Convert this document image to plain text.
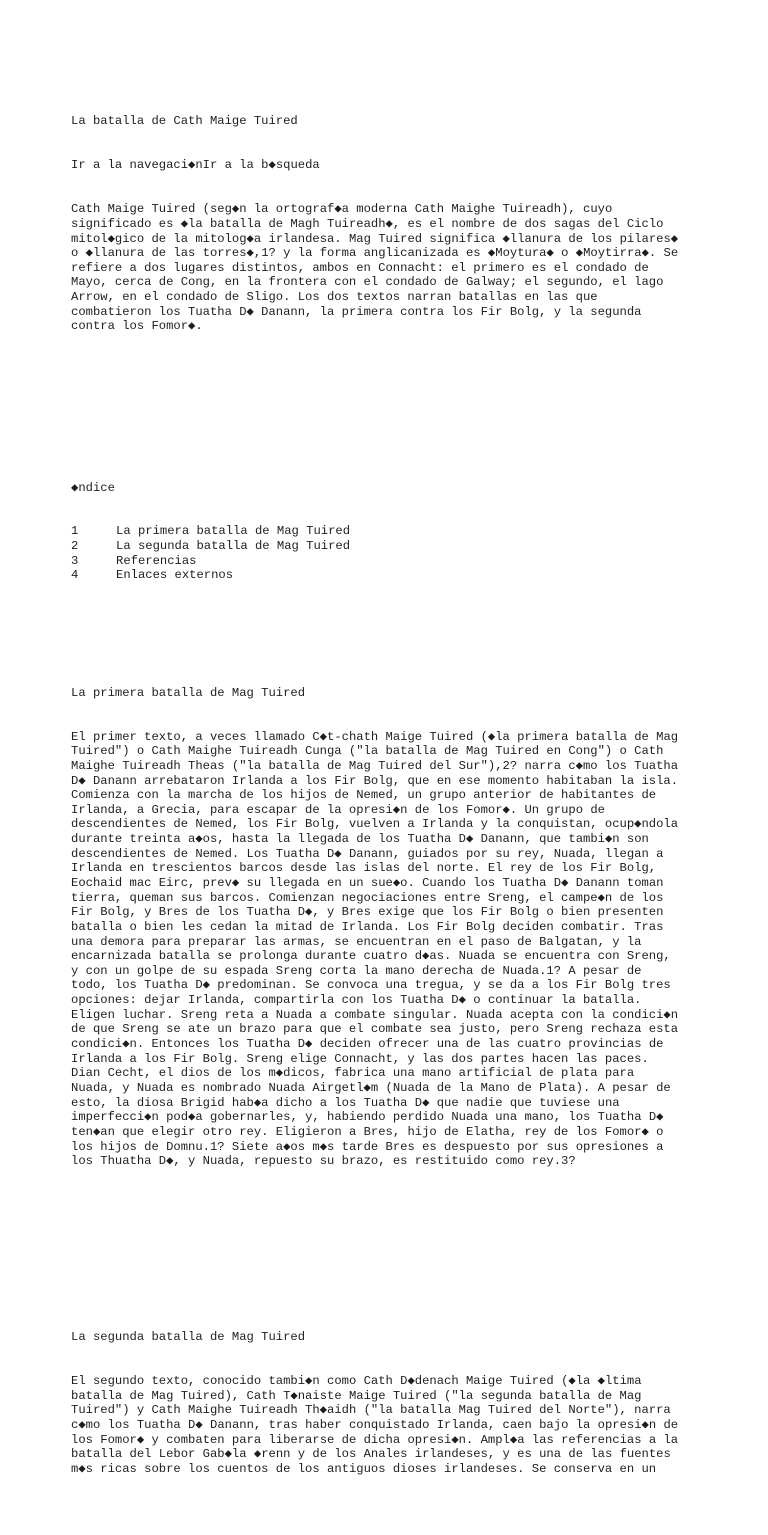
La batalla de Cath Maige Tuired

Ir a la navegaci◆nIr a la b◆squeda

Cath Maige Tuired (seg◆n la ortograf◆a moderna Cath Maighe Tuireadh), cuyo
significado es ◆la batalla de Magh Tuireadh◆, es el nombre de dos sagas del Ciclo
mitol◆gico de la mitolog◆a irlandesa. Mag Tuired significa ◆llanura de los pilares◆
o ◆llanura de las torres◆,1? y la forma anglicanizada es ◆Moytura◆ o ◆Moytirra◆. Se
refiere a dos lugares distintos, ambos en Connacht: el primero es el condado de
Mayo, cerca de Cong, en la frontera con el condado de Galway; el segundo, el lago
Arrow, en el condado de Sligo. Los dos textos narran batallas en las que
combatieron los Tuatha D◆ Danann, la primera contra los Fir Bolg, y la segunda
contra los Fomor◆.

◆ndice

1	La primera batalla de Mag Tuired
2	La segunda batalla de Mag Tuired
3	Referencias
4	Enlaces externos

La primera batalla de Mag Tuired

El primer texto, a veces llamado C◆t-chath Maige Tuired (◆la primera batalla de Mag
Tuired") o Cath Maighe Tuireadh Cunga ("la batalla de Mag Tuired en Cong") o Cath
Maighe Tuireadh Theas ("la batalla de Mag Tuired del Sur"),2? narra c◆mo los Tuatha
D◆ Danann arrebataron Irlanda a los Fir Bolg, que en ese momento habitaban la isla.
Comienza con la marcha de los hijos de Nemed, un grupo anterior de habitantes de
Irlanda, a Grecia, para escapar de la opresi◆n de los Fomor◆. Un grupo de
descendientes de Nemed, los Fir Bolg, vuelven a Irlanda y la conquistan, ocup◆ndola
durante treinta a◆os, hasta la llegada de los Tuatha D◆ Danann, que tambi◆n son
descendientes de Nemed. Los Tuatha D◆ Danann, guiados por su rey, Nuada, llegan a
Irlanda en trescientos barcos desde las islas del norte. El rey de los Fir Bolg,
Eochaid mac Eirc, prev◆ su llegada en un sue◆o. Cuando los Tuatha D◆ Danann toman
tierra, queman sus barcos. Comienzan negociaciones entre Sreng, el campe◆n de los
Fir Bolg, y Bres de los Tuatha D◆, y Bres exige que los Fir Bolg o bien presenten
batalla o bien les cedan la mitad de Irlanda. Los Fir Bolg deciden combatir. Tras
una demora para preparar las armas, se encuentran en el paso de Balgatan, y la
encarnizada batalla se prolonga durante cuatro d◆as. Nuada se encuentra con Sreng,
y con un golpe de su espada Sreng corta la mano derecha de Nuada.1? A pesar de
todo, los Tuatha D◆ predominan. Se convoca una tregua, y se da a los Fir Bolg tres
opciones: dejar Irlanda, compartirla con los Tuatha D◆ o continuar la batalla.
Eligen luchar. Sreng reta a Nuada a combate singular. Nuada acepta con la condici◆n
de que Sreng se ate un brazo para que el combate sea justo, pero Sreng rechaza esta
condici◆n. Entonces los Tuatha D◆ deciden ofrecer una de las cuatro provincias de
Irlanda a los Fir Bolg. Sreng elige Connacht, y las dos partes hacen las paces.
Dian Cecht, el dios de los m◆dicos, fabrica una mano artificial de plata para
Nuada, y Nuada es nombrado Nuada Airgetl◆m (Nuada de la Mano de Plata). A pesar de
esto, la diosa Brigid hab◆a dicho a los Tuatha D◆ que nadie que tuviese una
imperfecci◆n pod◆a gobernarles, y, habiendo perdido Nuada una mano, los Tuatha D◆
ten◆an que elegir otro rey. Eligieron a Bres, hijo de Elatha, rey de los Fomor◆ o
los hijos de Domnu.1? Siete a◆os m◆s tarde Bres es despuesto por sus opresiones a
los Thuatha D◆, y Nuada, repuesto su brazo, es restituido como rey.3?

La segunda batalla de Mag Tuired

El segundo texto, conocido tambi◆n como Cath D◆denach Maige Tuired (◆la ◆ltima
batalla de Mag Tuired), Cath T◆naiste Maige Tuired ("la segunda batalla de Mag
Tuired") y Cath Maighe Tuireadh Th◆aidh ("la batalla Mag Tuired del Norte"), narra
c◆mo los Tuatha D◆ Danann, tras haber conquistado Irlanda, caen bajo la opresi◆n de
los Fomor◆ y combaten para liberarse de dicha opresi◆n. Ampl◆a las referencias a la
batalla del Lebor Gab◆la ◆renn y de los Anales irlandeses, y es una de las fuentes
m◆s ricas sobre los cuentos de los antiguos dioses irlandeses. Se conserva en un
